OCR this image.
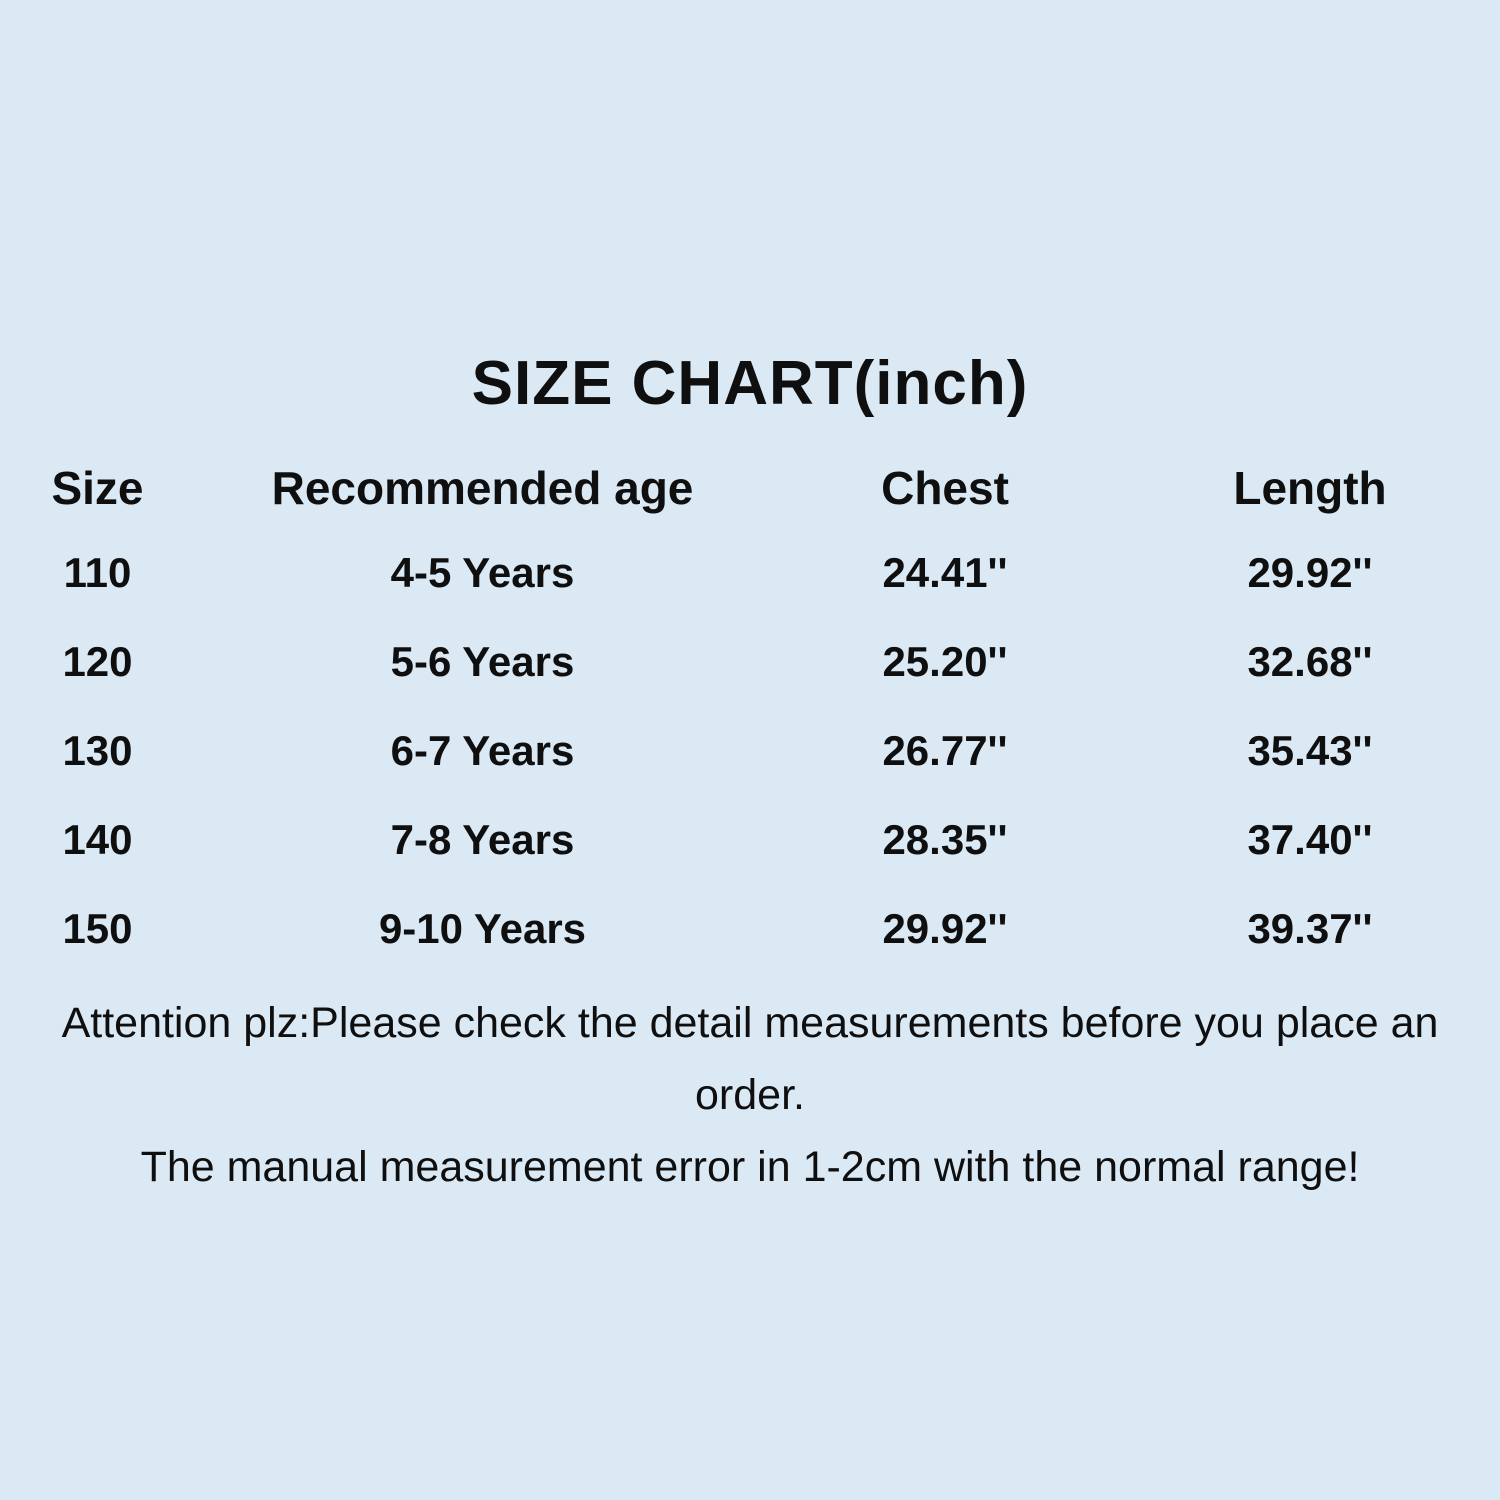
SIZE CHART(inch)
Size	Recommended age	Chest	Length
110	4-5 Years	24.41''	29.92''
120	5-6 Years	25.20''	32.68''
130	6-7 Years	26.77''	35.43''
140	7-8 Years	28.35''	37.40''
150	9-10 Years	29.92''	39.37''
Attention plz:Please check the detail measurements before you place an order.
The manual measurement error in 1-2cm with the normal range!
